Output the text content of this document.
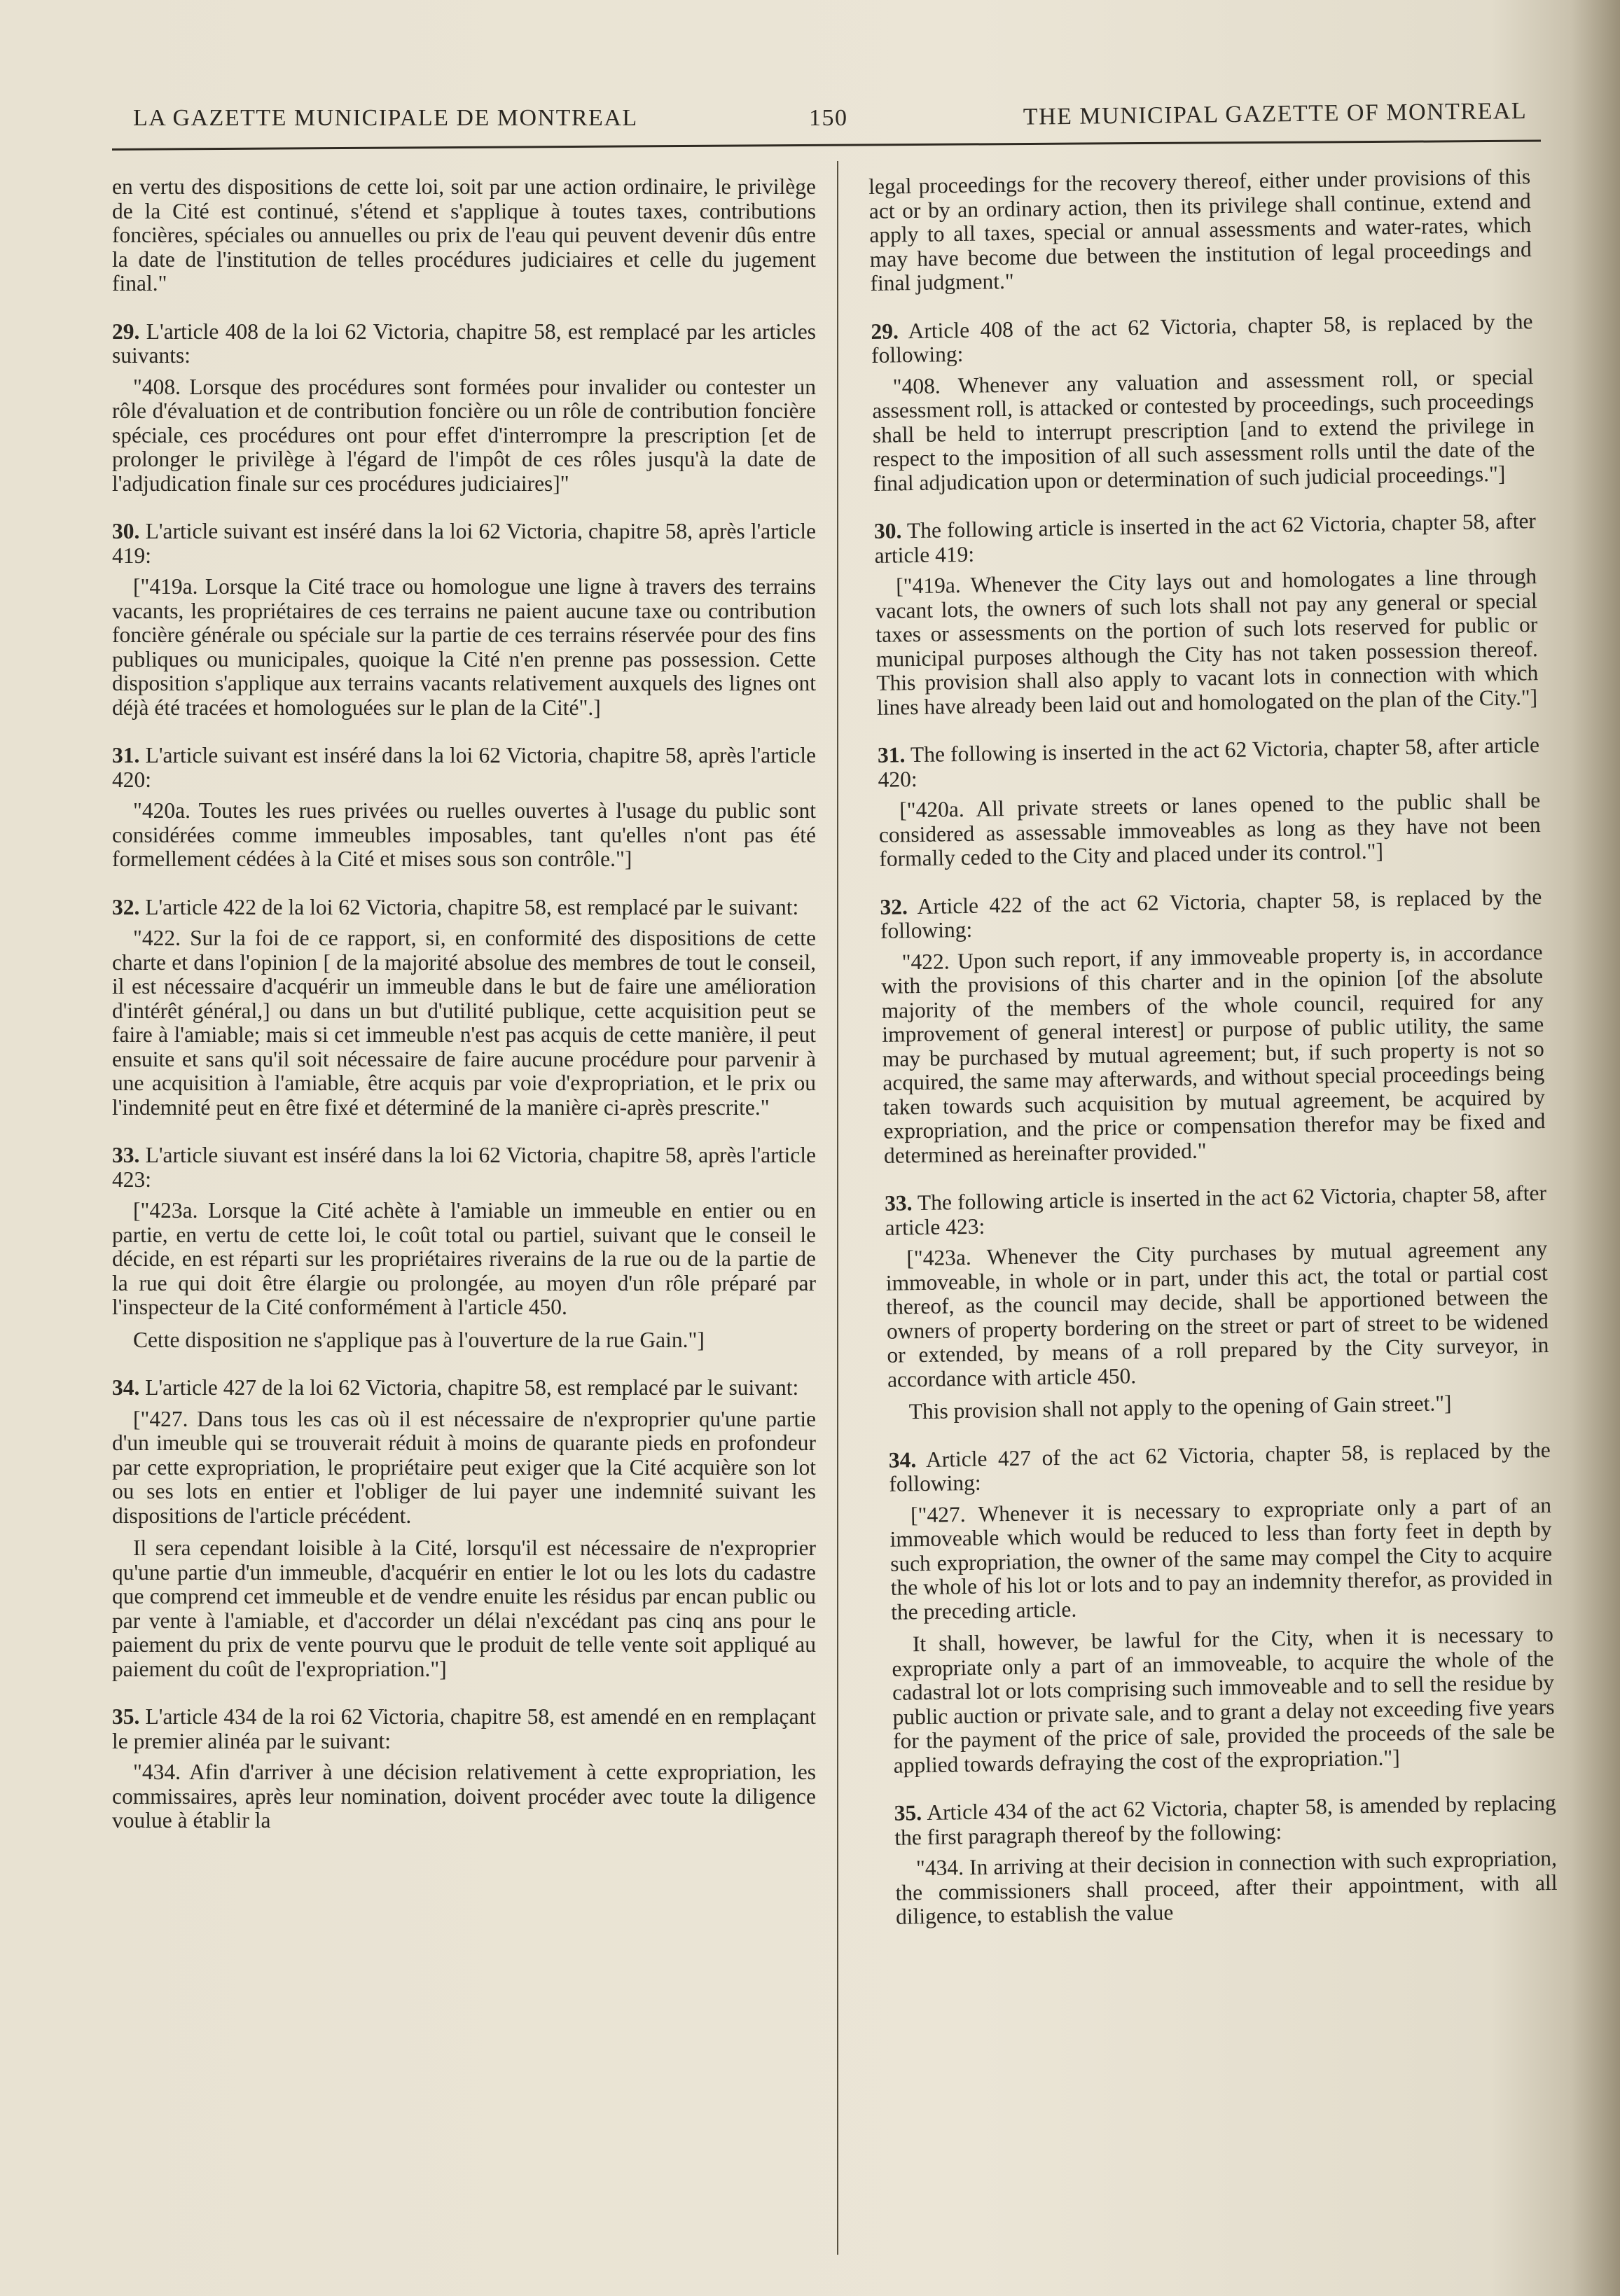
LA GAZETTE MUNICIPALE DE MONTREAL	150	THE MUNICIPAL GAZETTE OF MONTREAL

en vertu des dispositions de cette loi, soit par une action ordinaire, le privilège de la Cité est continué, s'étend et s'applique à toutes taxes, contributions foncières, spéciales ou annuelles ou prix de l'eau qui peuvent devenir dûs entre la date de l'institution de telles procédures judiciaires et celle du jugement final."

29. L'article 408 de la loi 62 Victoria, chapitre 58, est remplacé par les articles suivants:

"408. Lorsque des procédures sont formées pour invalider ou contester un rôle d'évaluation et de contribution foncière ou un rôle de contribution foncière spéciale, ces procédures ont pour effet d'interrompre la prescription [et de prolonger le privilège à l'égard de l'impôt de ces rôles jusqu'à la date de l'adjudication finale sur ces procédures judiciaires]"

30. L'article suivant est inséré dans la loi 62 Victoria, chapitre 58, après l'article 419:

["419a. Lorsque la Cité trace ou homologue une ligne à travers des terrains vacants, les propriétaires de ces terrains ne paient aucune taxe ou contribution foncière générale ou spéciale sur la partie de ces terrains réservée pour des fins publiques ou municipales, quoique la Cité n'en prenne pas possession. Cette disposition s'applique aux terrains vacants relativement auxquels des lignes ont déjà été tracées et homologuées sur le plan de la Cité".]

31. L'article suivant est inséré dans la loi 62 Victoria, chapitre 58, après l'article 420:

"420a. Toutes les rues privées ou ruelles ouvertes à l'usage du public sont considérées comme immeubles imposables, tant qu'elles n'ont pas été formellement cédées à la Cité et mises sous son contrôle."]

32. L'article 422 de la loi 62 Victoria, chapitre 58, est remplacé par le suivant:

"422. Sur la foi de ce rapport, si, en conformité des dispositions de cette charte et dans l'opinion [ de la majorité absolue des membres de tout le conseil, il est nécessaire d'acquérir un immeuble dans le but de faire une amélioration d'intérêt général,] ou dans un but d'utilité publique, cette acquisition peut se faire à l'amiable; mais si cet immeuble n'est pas acquis de cette manière, il peut ensuite et sans qu'il soit nécessaire de faire aucune procédure pour parvenir à une acquisition à l'amiable, être acquis par voie d'expropriation, et le prix ou l'indemnité peut en être fixé et déterminé de la manière ci-après prescrite."

33. L'article siuvant est inséré dans la loi 62 Victoria, chapitre 58, après l'article 423:

["423a. Lorsque la Cité achète à l'amiable un immeuble en entier ou en partie, en vertu de cette loi, le coût total ou partiel, suivant que le conseil le décide, en est réparti sur les propriétaires riverains de la rue ou de la partie de la rue qui doit être élargie ou prolongée, au moyen d'un rôle préparé par l'inspecteur de la Cité conformément à l'article 450.

Cette disposition ne s'applique pas à l'ouverture de la rue Gain."]

34. L'article 427 de la loi 62 Victoria, chapitre 58, est remplacé par le suivant:

["427. Dans tous les cas où il est nécessaire de n'exproprier qu'une partie d'un imeuble qui se trouverait réduit à moins de quarante pieds en profondeur par cette expropriation, le propriétaire peut exiger que la Cité acquière son lot ou ses lots en entier et l'obliger de lui payer une indemnité suivant les dispositions de l'article précédent.

Il sera cependant loisible à la Cité, lorsqu'il est nécessaire de n'exproprier qu'une partie d'un immeuble, d'acquérir en entier le lot ou les lots du cadastre que comprend cet immeuble et de vendre enuite les résidus par encan public ou par vente à l'amiable, et d'accorder un délai n'excédant pas cinq ans pour le paiement du prix de vente pourvu que le produit de telle vente soit appliqué au paiement du coût de l'expropriation."]

35. L'article 434 de la roi 62 Victoria, chapitre 58, est amendé en en remplaçant le premier alinéa par le suivant:

"434. Afin d'arriver à une décision relativement à cette expropriation, les commissaires, après leur nomination, doivent procéder avec toute la diligence voulue à établir la

legal proceedings for the recovery thereof, either under provisions of this act or by an ordinary action, then its privilege shall continue, extend and apply to all taxes, special or annual assessments and water-rates, which may have become due between the institution of legal proceedings and final judgment."

29. Article 408 of the act 62 Victoria, chapter 58, is replaced by the following:

"408. Whenever any valuation and assessment roll, or special assessment roll, is attacked or contested by proceedings, such proceedings shall be held to interrupt prescription [and to extend the privilege in respect to the imposition of all such assessment rolls until the date of the final adjudication upon or determination of such judicial proceedings."]

30. The following article is inserted in the act 62 Victoria, chapter 58, after article 419:

["419a. Whenever the City lays out and homologates a line through vacant lots, the owners of such lots shall not pay any general or special taxes or assessments on the portion of such lots reserved for public or municipal purposes although the City has not taken possession thereof. This provision shall also apply to vacant lots in connection with which lines have already been laid out and homologated on the plan of the City."]

31. The following is inserted in the act 62 Victoria, chapter 58, after article 420:

["420a. All private streets or lanes opened to the public shall be considered as assessable immoveables as long as they have not been formally ceded to the City and placed under its control."]

32. Article 422 of the act 62 Victoria, chapter 58, is replaced by the following:

"422. Upon such report, if any immoveable property is, in accordance with the provisions of this charter and in the opinion [of the absolute majority of the members of the whole council, required for any improvement of general interest] or purpose of public utility, the same may be purchased by mutual agreement; but, if such property is not so acquired, the same may afterwards, and without special proceedings being taken towards such acquisition by mutual agreement, be acquired by expropriation, and the price or compensation therefor may be fixed and determined as hereinafter provided."

33. The following article is inserted in the act 62 Victoria, chapter 58, after article 423:

["423a. Whenever the City purchases by mutual agreement any immoveable, in whole or in part, under this act, the total or partial cost thereof, as the council may decide, shall be apportioned between the owners of property bordering on the street or part of street to be widened or extended, by means of a roll prepared by the City surveyor, in accordance with article 450.

This provision shall not apply to the opening of Gain street."]

34. Article 427 of the act 62 Victoria, chapter 58, is replaced by the following:

["427. Whenever it is necessary to expropriate only a part of an immoveable which would be reduced to less than forty feet in depth by such expropriation, the owner of the same may compel the City to acquire the whole of his lot or lots and to pay an indemnity therefor, as provided in the preceding article.

It shall, however, be lawful for the City, when it is necessary to expropriate only a part of an immoveable, to acquire the whole of the cadastral lot or lots comprising such immoveable and to sell the residue by public auction or private sale, and to grant a delay not exceeding five years for the payment of the price of sale, provided the proceeds of the sale be applied towards defraying the cost of the expropriation."]

35. Article 434 of the act 62 Victoria, chapter 58, is amended by replacing the first paragraph thereof by the following:

"434. In arriving at their decision in connection with such expropriation, the commissioners shall proceed, after their appointment, with all diligence, to establish the value
